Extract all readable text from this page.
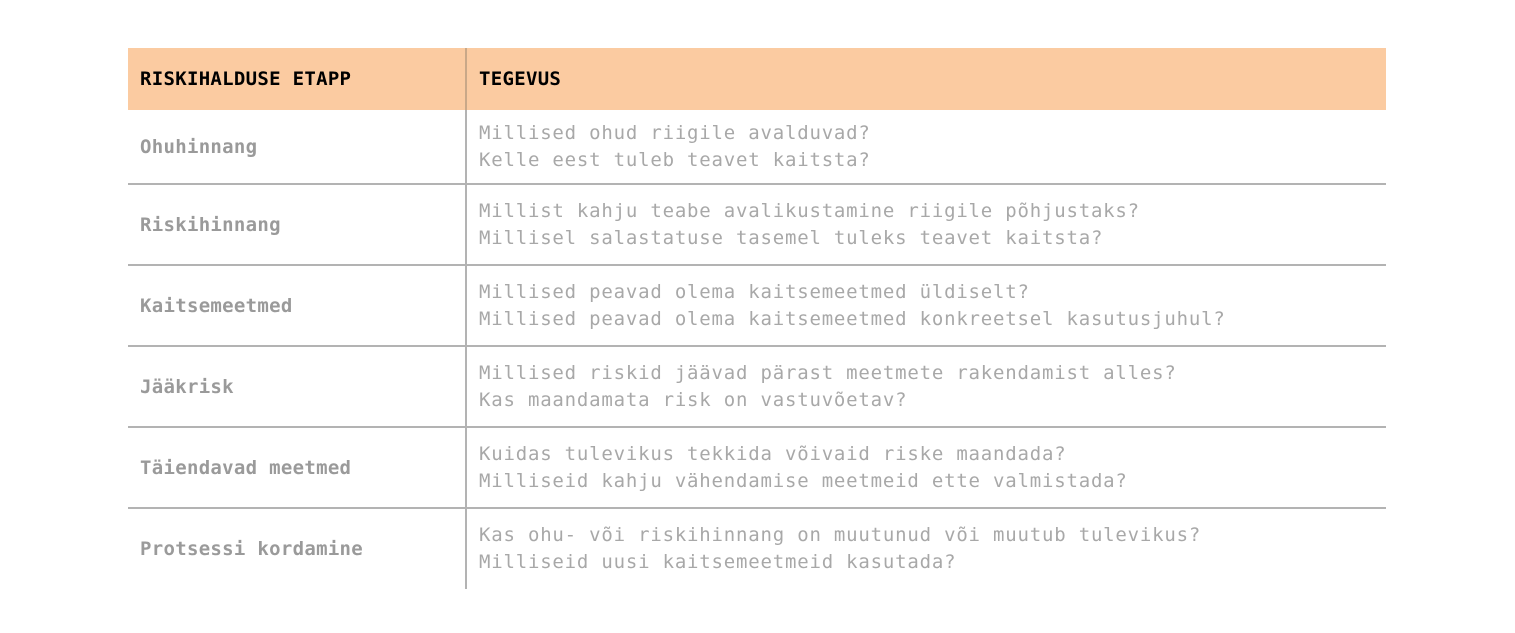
RISKIHALDUSE ETAPP	TEGEVUS
Ohuhinnang
Millised ohud riigile avalduvad?
Kelle eest tuleb teavet kaitsta?
Riskihinnang
Millist kahju teabe avalikustamine riigile põhjustaks?
Millisel salastatuse tasemel tuleks teavet kaitsta?
Kaitsemeetmed
Millised peavad olema kaitsemeetmed üldiselt?
Millised peavad olema kaitsemeetmed konkreetsel kasutusjuhul?
Jääkrisk
Millised riskid jäävad pärast meetmete rakendamist alles?
Kas maandamata risk on vastuvõetav?
Täiendavad meetmed
Kuidas tulevikus tekkida võivaid riske maandada?
Milliseid kahju vähendamise meetmeid ette valmistada?
Protsessi kordamine
Kas ohu- või riskihinnang on muutunud või muutub tulevikus?
Milliseid uusi kaitsemeetmeid kasutada?
